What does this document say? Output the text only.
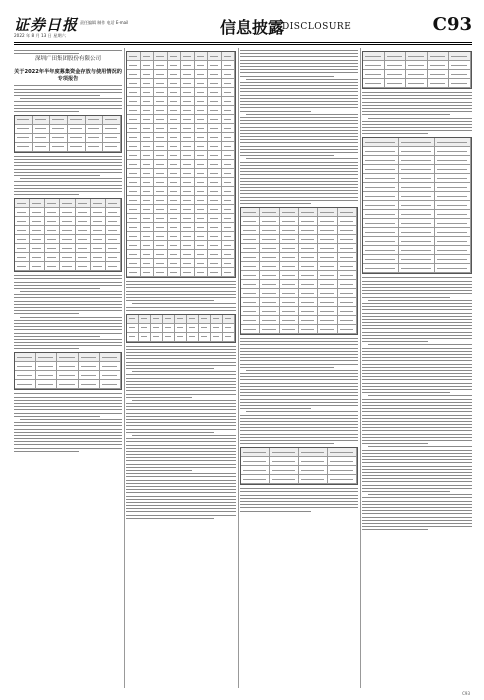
证券日报
2022 年 8 月 13 日 星期六
责任编辑 制作 电话 E-mail	信息披露
DISCLOSURE	C93
深圳广田集团股份有限公司
关于2022年半年度募集资金存放与使用情况的专项报告
C93
